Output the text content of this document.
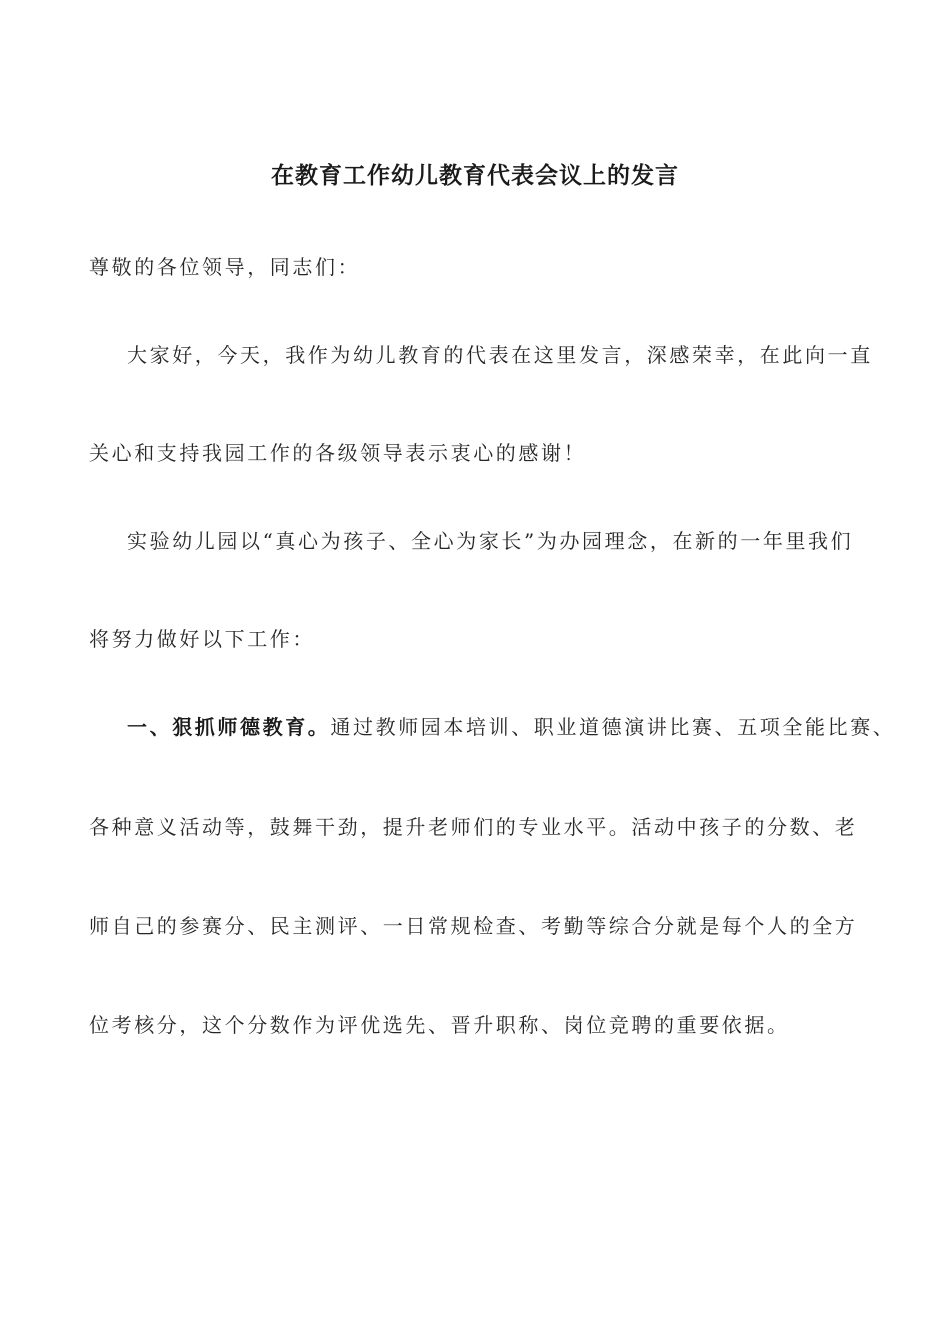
在教育工作幼儿教育代表会议上的发言
尊敬的各位领导，同志们：
大家好，今天，我作为幼儿教育的代表在这里发言，深感荣幸，在此向一直
关心和支持我园工作的各级领导表示衷心的感谢！
实验幼儿园以“真心为孩子、全心为家长”为办园理念，在新的一年里我们
将努力做好以下工作：
一、狠抓师德教育。通过教师园本培训、职业道德演讲比赛、五项全能比赛、
各种意义活动等，鼓舞干劲，提升老师们的专业水平。活动中孩子的分数、老
师自己的参赛分、民主测评、一日常规检查、考勤等综合分就是每个人的全方
位考核分，这个分数作为评优选先、晋升职称、岗位竞聘的重要依据。
